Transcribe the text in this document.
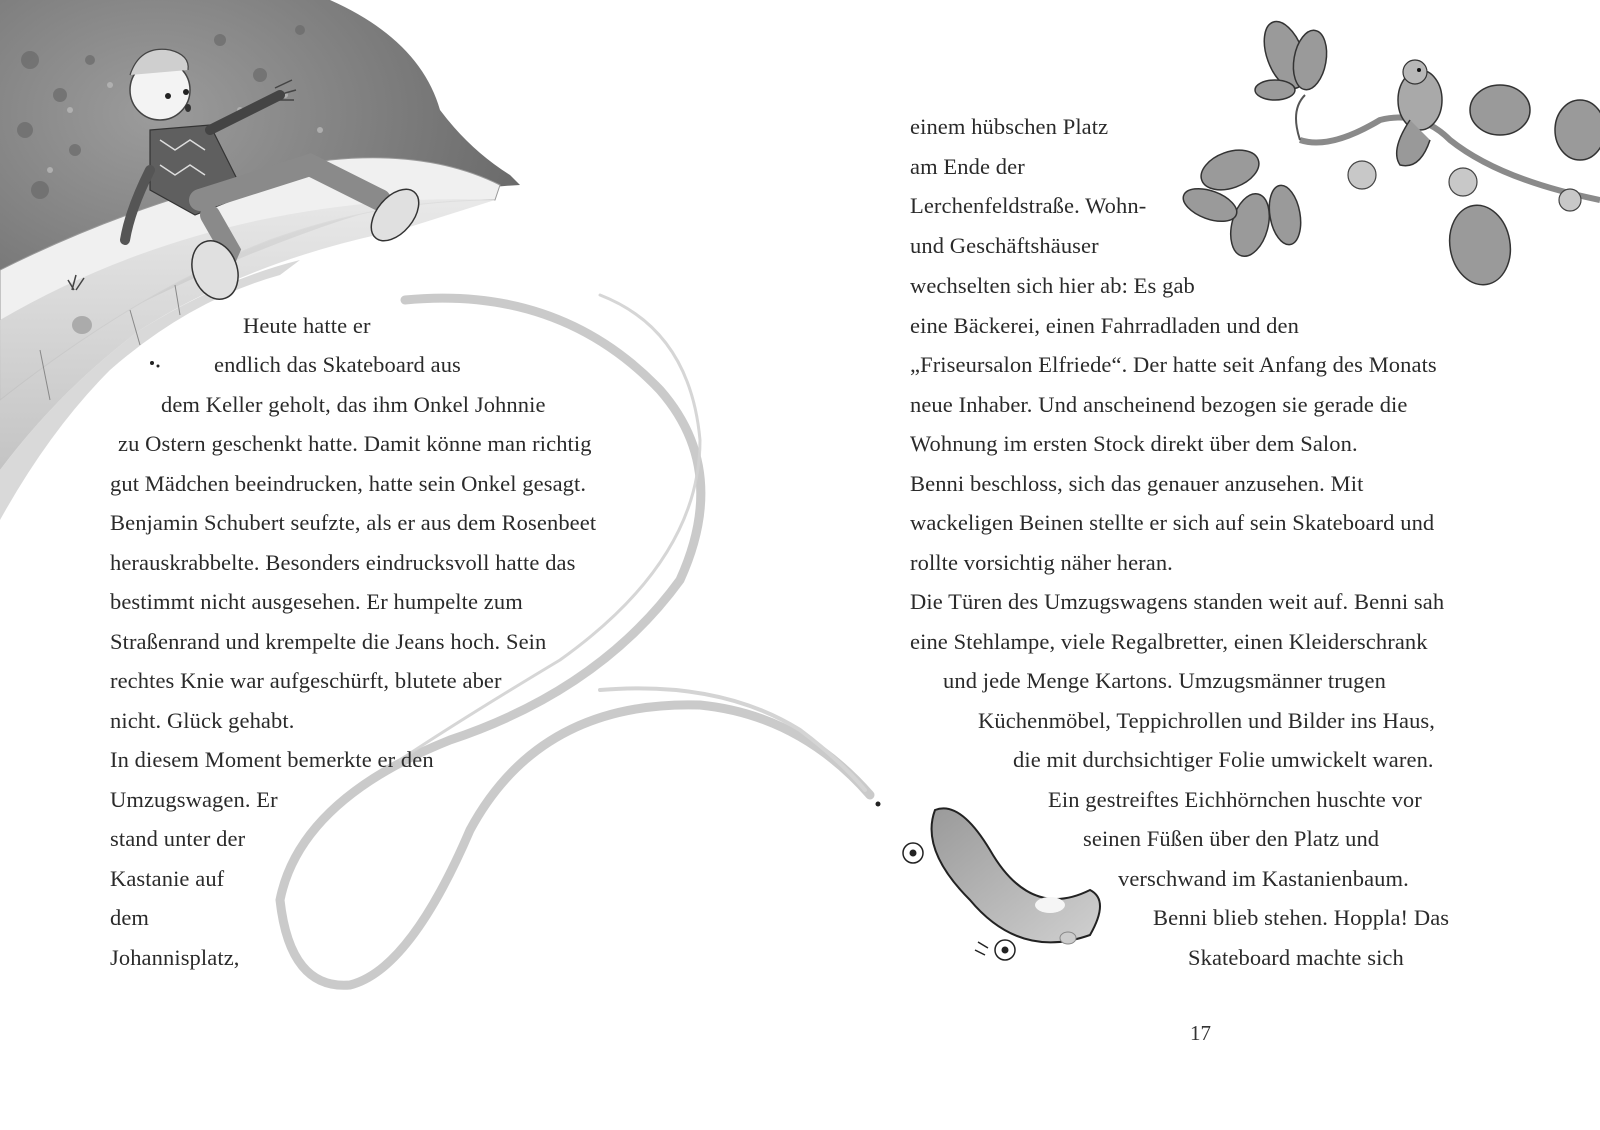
Heute hatte er
endlich das Skateboard aus
dem Keller geholt, das ihm Onkel Johnnie
zu Ostern geschenkt hatte. Damit könne man richtig
gut Mädchen beeindrucken, hatte sein Onkel gesagt.
Benjamin Schubert seufzte, als er aus dem Rosenbeet
herauskrabbelte. Besonders eindrucksvoll hatte das
bestimmt nicht ausgesehen. Er humpelte zum
Straßenrand und krempelte die Jeans hoch. Sein
rechtes Knie war aufgeschürft, blutete aber
nicht. Glück gehabt.
In diesem Moment bemerkte er den
Umzugswagen. Er
stand unter der
Kastanie auf
dem
Johannisplatz,
einem hübschen Platz
am Ende der
Lerchenfeldstraße. Wohn-
und Geschäftshäuser
wechselten sich hier ab: Es gab
eine Bäckerei, einen Fahrradladen und den
„Friseursalon Elfriede“. Der hatte seit Anfang des Monats
neue Inhaber. Und anscheinend bezogen sie gerade die
Wohnung im ersten Stock direkt über dem Salon.
Benni beschloss, sich das genauer anzusehen. Mit
wackeligen Beinen stellte er sich auf sein Skateboard und
rollte vorsichtig näher heran.
Die Türen des Umzugswagens standen weit auf. Benni sah
eine Stehlampe, viele Regalbretter, einen Kleiderschrank
und jede Menge Kartons. Umzugsmänner trugen
Küchenmöbel, Teppichrollen und Bilder ins Haus,
die mit durchsichtiger Folie umwickelt waren.
Ein gestreiftes Eichhörnchen huschte vor
seinen Füßen über den Platz und
verschwand im Kastanienbaum.
Benni blieb stehen. Hoppla! Das
Skateboard machte sich
17
